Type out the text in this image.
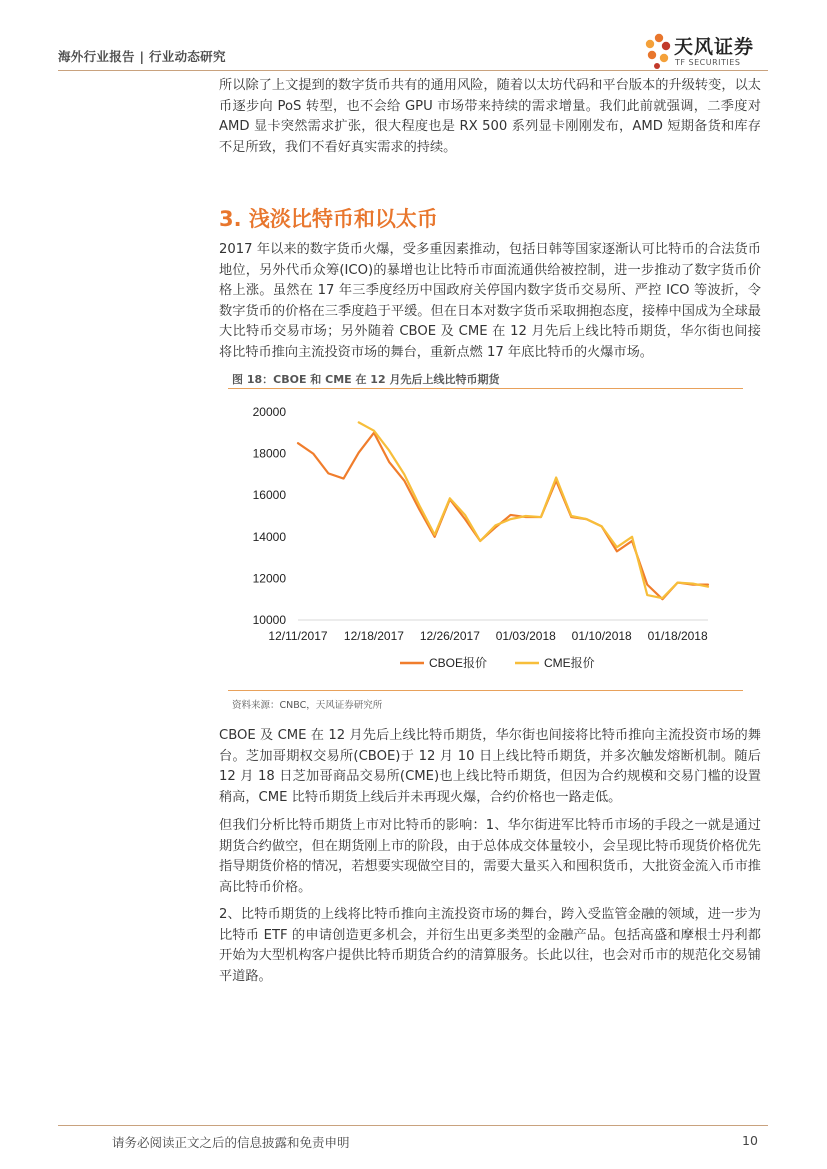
海外行业报告 | 行业动态研究	天风证券
TF SECURITIES

所以除了上文提到的数字货币共有的通用风险，随着以太坊代码和平台版本的升级转变，以太币逐步向 PoS 转型，也不会给 GPU 市场带来持续的需求增量。我们此前就强调，二季度对 AMD 显卡突然需求扩张，很大程度也是 RX 500 系列显卡刚刚发布，AMD 短期备货和库存不足所致，我们不看好真实需求的持续。

3. 浅淡比特币和以太币

2017 年以来的数字货币火爆，受多重因素推动，包括日韩等国家逐渐认可比特币的合法货币地位，另外代币众筹(ICO)的暴增也让比特币市面流通供给被控制，进一步推动了数字货币价格上涨。虽然在 17 年三季度经历中国政府关停国内数字货币交易所、严控 ICO 等波折，令数字货币的价格在三季度趋于平缓。但在日本对数字货币采取拥抱态度，接棒中国成为全球最大比特币交易市场；另外随着 CBOE 及 CME 在 12 月先后上线比特币期货，华尔街也间接将比特币推向主流投资市场的舞台，重新点燃 17 年底比特币的火爆市场。

图 18：CBOE 和 CME 在 12 月先后上线比特币期货
10000
12000
14000
16000
18000
20000
12/11/2017 12/18/2017 12/26/2017 01/03/2018 01/10/2018 01/18/2018
CBOE报价	CME报价
资料来源：CNBC，天风证券研究所

CBOE 及 CME 在 12 月先后上线比特币期货，华尔街也间接将比特币推向主流投资市场的舞台。芝加哥期权交易所(CBOE)于 12 月 10 日上线比特币期货，并多次触发熔断机制。随后 12 月 18 日芝加哥商品交易所(CME)也上线比特币期货，但因为合约规模和交易门槛的设置稍高，CME 比特币期货上线后并未再现火爆，合约价格也一路走低。

但我们分析比特币期货上市对比特币的影响：1、华尔街进军比特币市场的手段之一就是通过期货合约做空，但在期货刚上市的阶段，由于总体成交体量较小，会呈现比特币现货价格优先指导期货价格的情况，若想要实现做空目的，需要大量买入和囤积货币，大批资金流入币市推高比特币价格。

2、比特币期货的上线将比特币推向主流投资市场的舞台，跨入受监管金融的领域，进一步为比特币 ETF 的申请创造更多机会，并衍生出更多类型的金融产品。包括高盛和摩根士丹利都开始为大型机构客户提供比特币期货合约的清算服务。长此以往，也会对币市的规范化交易铺平道路。

请务必阅读正文之后的信息披露和免责申明	10
